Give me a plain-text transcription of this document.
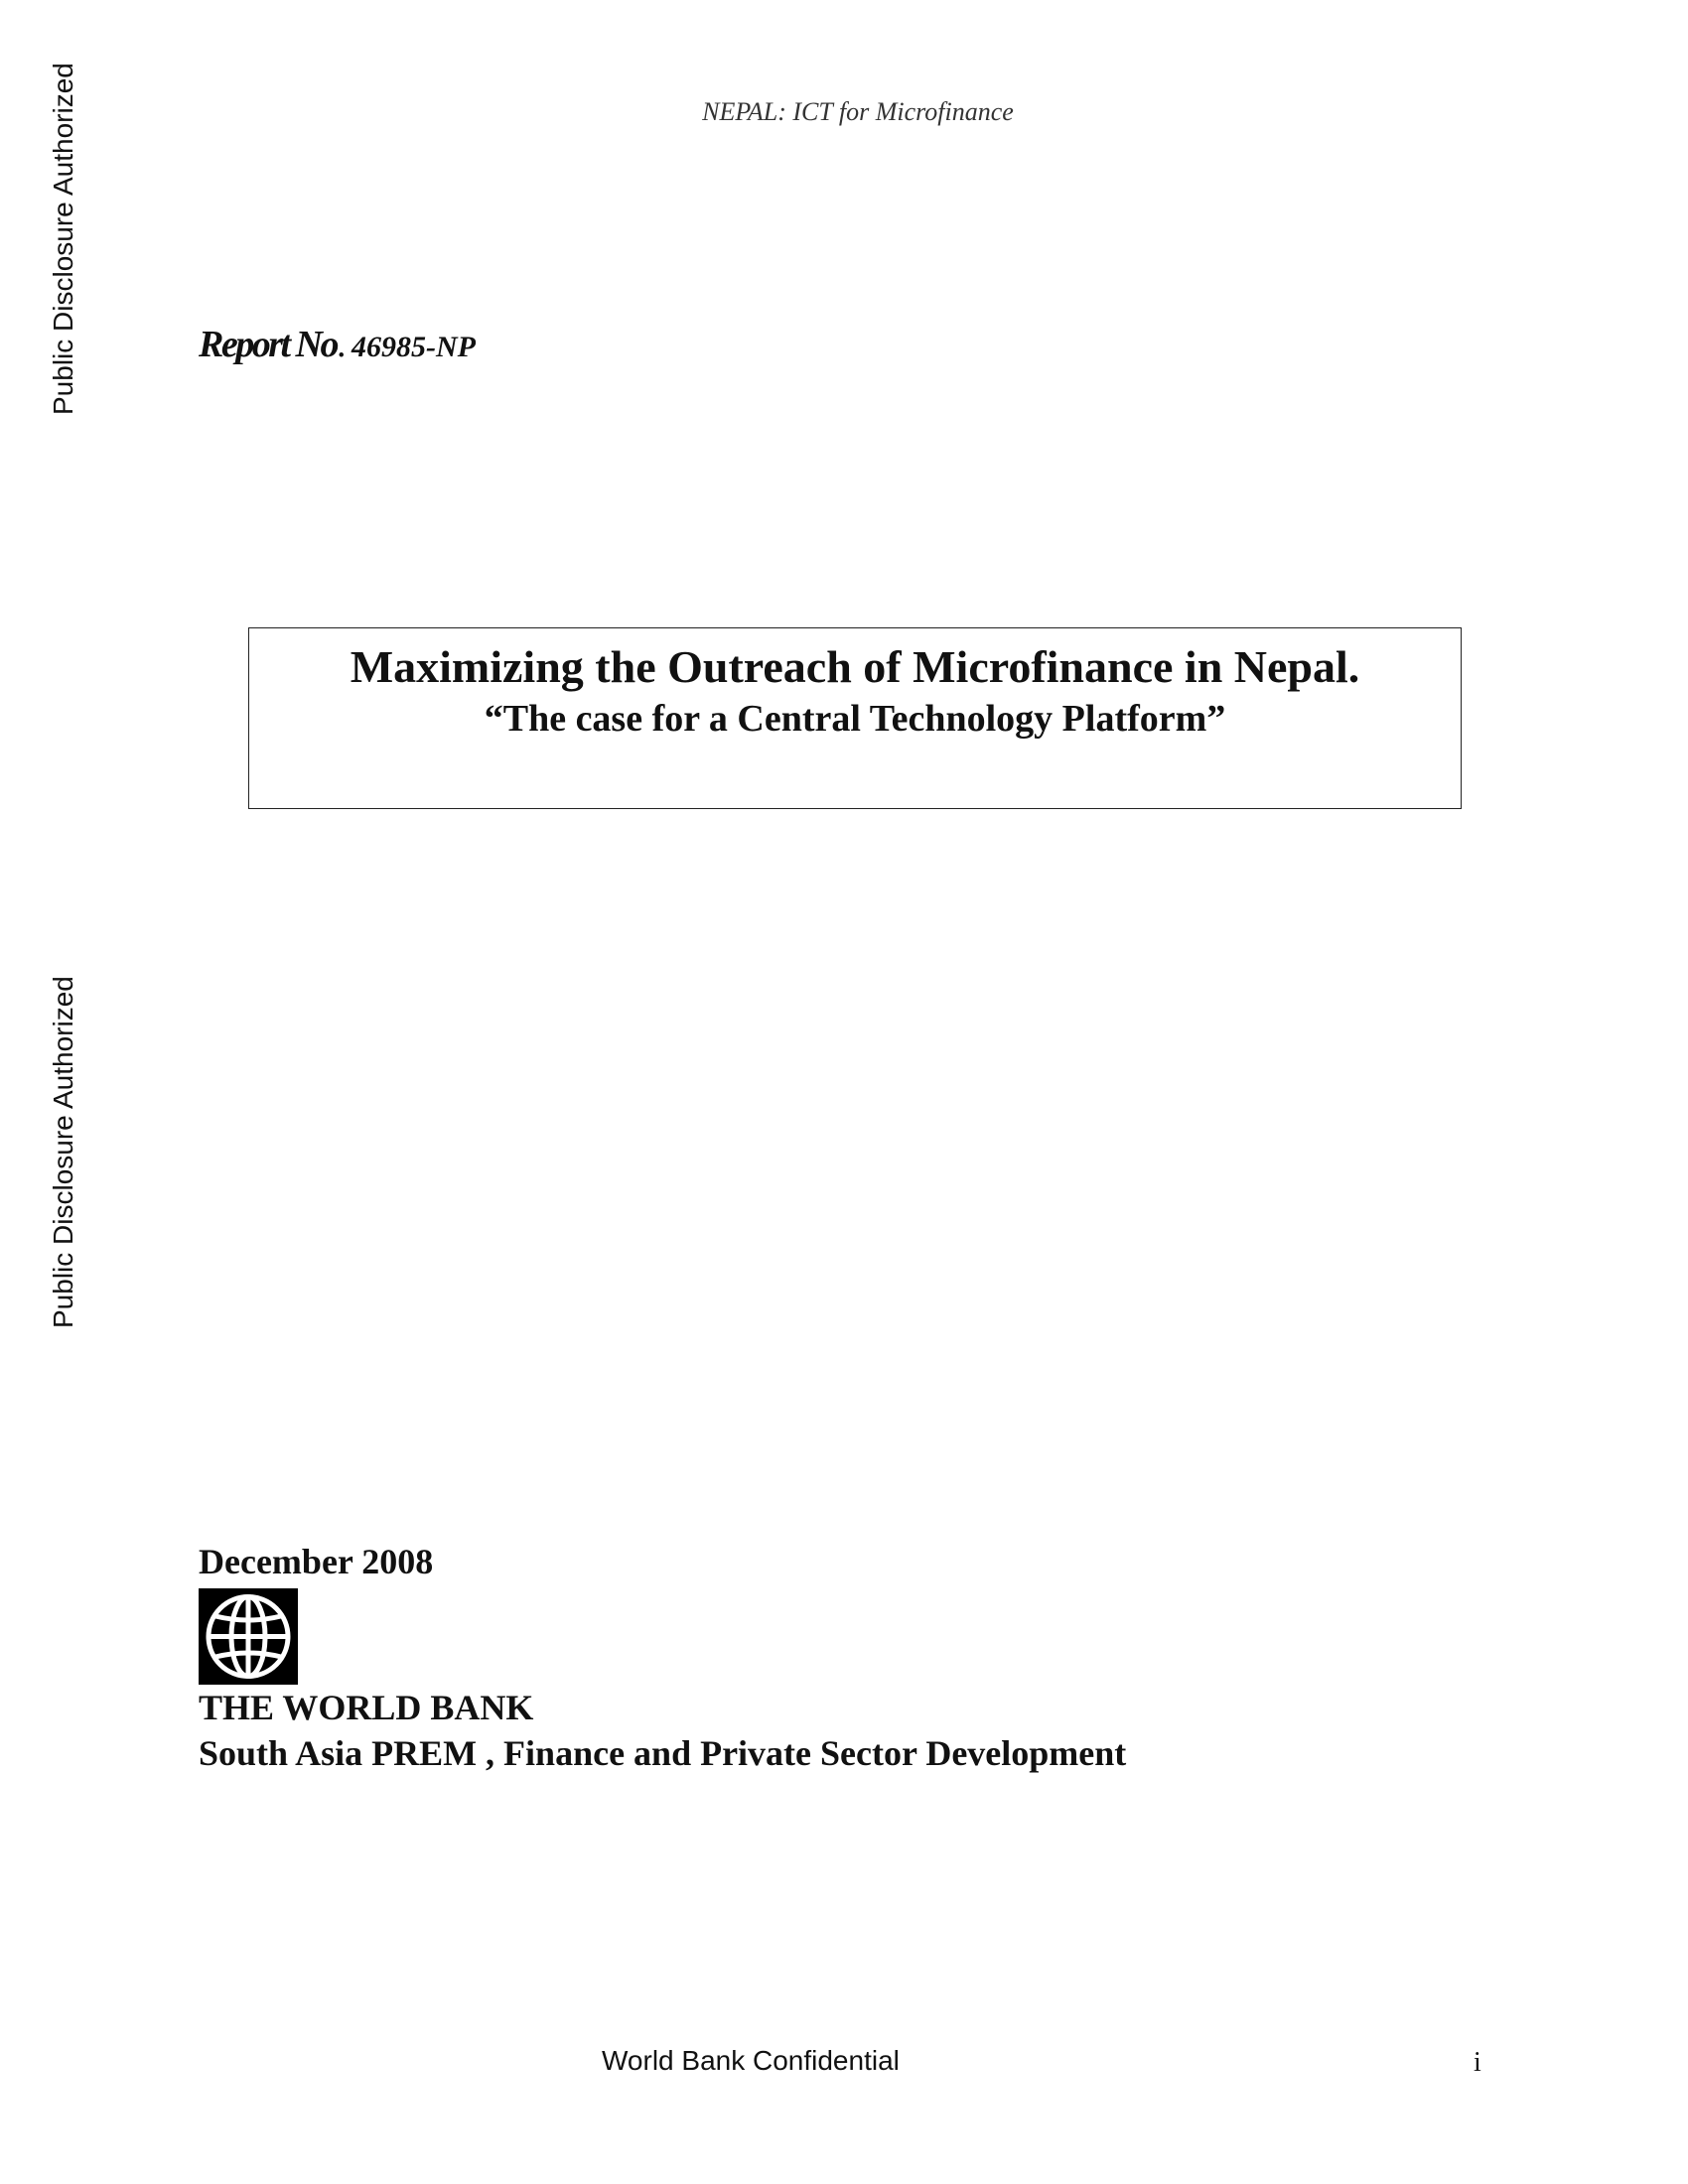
Public Disclosure Authorized
Public Disclosure Authorized
NEPAL: ICT for Microfinance
Report No. 46985-NP
Maximizing the Outreach of Microfinance in Nepal.
“The case for a Central Technology Platform”
December 2008
THE WORLD BANK
South Asia PREM , Finance and Private Sector Development
World Bank Confidential	i
